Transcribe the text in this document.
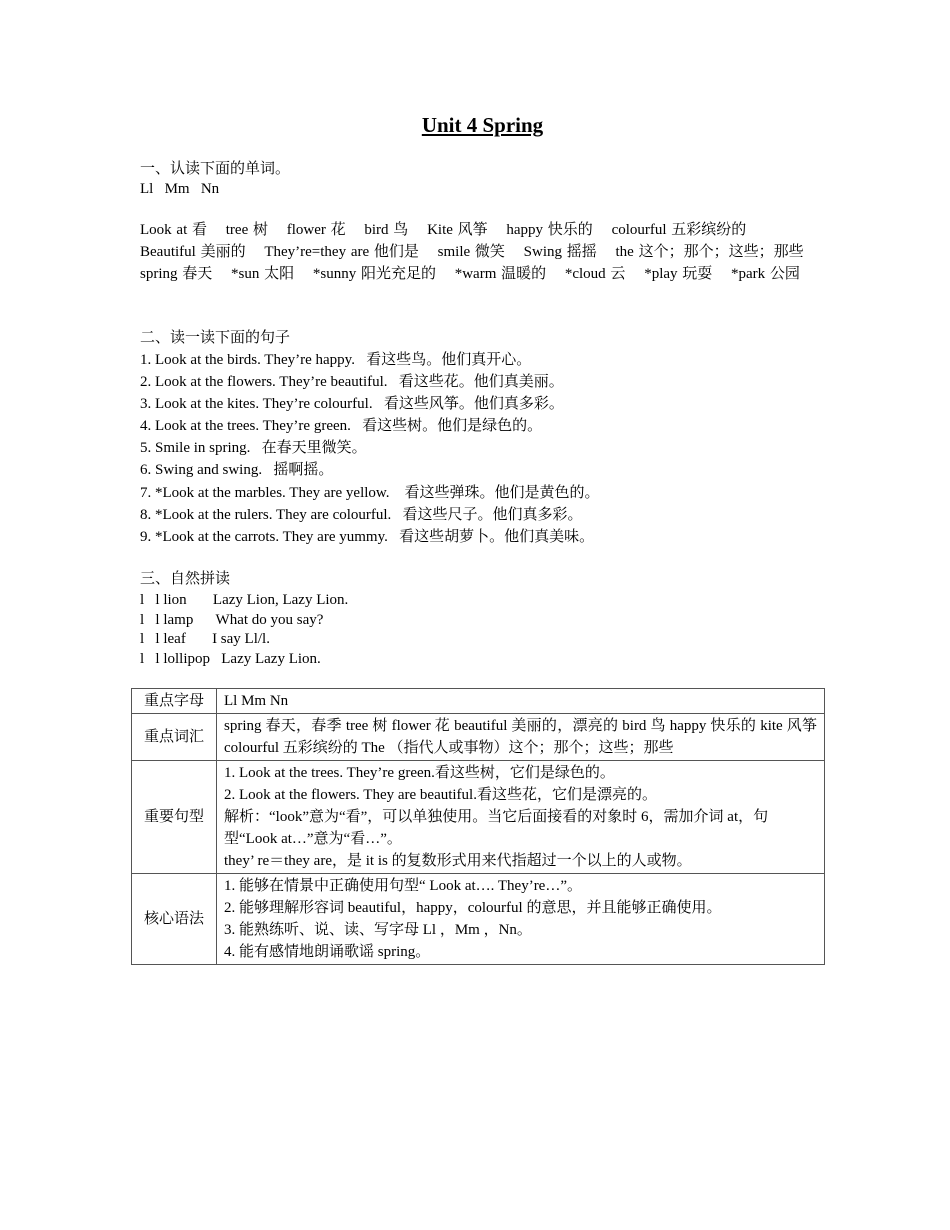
Unit 4 Spring
一、认读下面的单词。
Ll   Mm   Nn
Look at 看 tree 树 flower 花 bird 鸟 Kite 风筝 happy 快乐的 colourful 五彩缤纷的 Beautiful 美丽的 They’re=they are 他们是 smile 微笑 Swing 摇摇 the 这个；那个；这些；那些 spring 春天 *sun 太阳 *sunny 阳光充足的 *warm 温暖的 *cloud 云 *play 玩耍 *park 公园
二、读一读下面的句子
1. Look at the birds. They’re happy.   看这些鸟。他们真开心。
2. Look at the flowers. They’re beautiful.   看这些花。他们真美丽。
3. Look at the kites. They’re colourful.   看这些风筝。他们真多彩。
4. Look at the trees. They’re green.   看这些树。他们是绿色的。
5. Smile in spring.   在春天里微笑。
6. Swing and swing.   摇啊摇。
7. *Look at the marbles. They are yellow.    看这些弹珠。他们是黄色的。
8. *Look at the rulers. They are colourful.   看这些尺子。他们真多彩。
9. *Look at the carrots. They are yummy.   看这些胡萝卜。他们真美味。
三、自然拼读
l   l lion       Lazy Lion, Lazy Lion.
l   l lamp      What do you say?
l   l leaf       I say Ll/l.
l   l lollipop   Lazy Lazy Lion.
重点字母	Ll Mm Nn
重点词汇	spring 春天，春季 tree 树 flower 花 beautiful 美丽的，漂亮的 bird 鸟 happy 快乐的 kite 风筝 colourful 五彩缤纷的 The （指代人或事物）这个；那个；这些；那些
重要句型	1. Look at the trees. They’re green.看这些树，它们是绿色的。
2. Look at the flowers. They are beautiful.看这些花，它们是漂亮的。
解析：“look”意为“看”，可以单独使用。当它后面接看的对象时 6，需加介词 at，句型“Look at…”意为“看…”。
they’ re＝they are，是 it is 的复数形式用来代指超过一个以上的人或物。

核心语法	1. 能够在情景中正确使用句型“ Look at…. They’re…”。
2. 能够理解形容词 beautiful，happy，colourful 的意思，并且能够正确使用。
3. 能熟练听、说、读、写字母 Ll ，Mm ，Nn。
4. 能有感情地朗诵歌谣 spring。
